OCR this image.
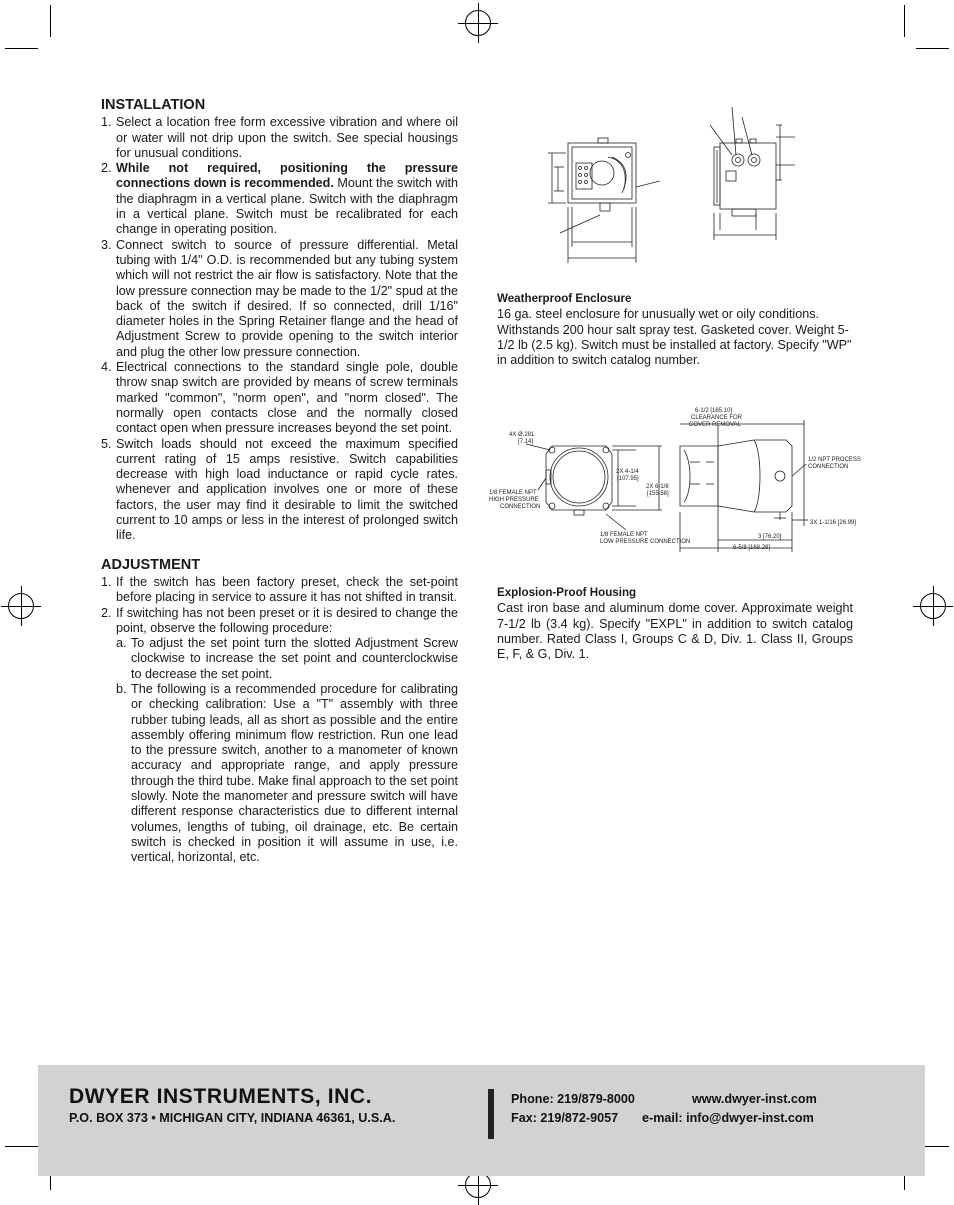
INSTALLATION
1. Select a location free form excessive vibration and where oil or water will not drip upon the switch. See special housings for unusual conditions.
2. While not required, positioning the pressure connections down is recommended. Mount the switch with the diaphragm in a vertical plane. Switch with the diaphragm in a vertical plane. Switch must be recalibrated for each change in operating position.
3. Connect switch to source of pressure differential. Metal tubing with 1/4" O.D. is recommended but any tubing system which will not restrict the air flow is satisfactory. Note that the low pressure connection may be made to the 1/2" spud at the back of the switch if desired. If so connected, drill 1/16" diameter holes in the Spring Retainer flange and the head of Adjustment Screw to provide opening to the switch interior and plug the other low pressure connection.
4. Electrical connections to the standard single pole, double throw snap switch are provided by means of screw terminals marked "common", "norm open", and "norm closed". The normally open contacts close and the normally closed contact open when pressure increases beyond the set point.
5. Switch loads should not exceed the maximum specified current rating of 15 amps resistive. Switch capabilities decrease with high load inductance or rapid cycle rates. whenever and application involves one or more of these factors, the user may find it desirable to limit the switched current to 10 amps or less in the interest of prolonged switch life.
ADJUSTMENT
1. If the switch has been factory preset, check the set-point before placing in service to assure it has not shifted in transit.
2. If switching has not been preset or it is desired to change the point, observe the following procedure:
a. To adjust the set point turn the slotted Adjustment Screw clockwise to increase the set point and counterclockwise to decrease the set point.
b. The following is a recommended procedure for calibrating or checking calibration: Use a "T" assembly with three rubber tubing leads, all as short as possible and the entire assembly offering minimum flow restriction. Run one lead to the pressure switch, another to a manometer of known accuracy and appropriate range, and apply pressure through the third tube. Make final approach to the set point slowly. Note the manometer and pressure switch will have different response characteristics due to different internal volumes, lengths of tubing, oil drainage, etc. Be certain switch is checked in position it will assume in use, i.e. vertical, horizontal, etc.
Weatherproof Enclosure
16 ga. steel enclosure for unusually wet or oily conditions. Withstands 200 hour salt spray test. Gasketed cover. Weight 5-1/2 lb (2.5 kg). Switch must be installed at factory. Specify "WP" in addition to switch catalog number.
4X Ø.281
[7.14]
1/8 FEMALE NPT
HIGH PRESSURE
CONNECTION
2X 4-1/4
[107.95]
2X 6-1/8
[155.58]
1/8 FEMALE NPT
LOW PRESSURE CONNECTION
6-1/2 [165.10]
CLEARANCE FOR
COVER REMOVAL
1/2 NPT PROCESS
CONNECTION
3X 1-1/16 [26.99]
3 [76.20]
6-5/8 [168.28]
Explosion-Proof Housing
Cast iron base and aluminum dome cover. Approximate weight 7-1/2 lb (3.4 kg). Specify "EXPL" in addition to switch catalog number. Rated Class I, Groups C & D, Div. 1. Class II, Groups E, F, & G, Div. 1.
DWYER INSTRUMENTS, INC.
P.O. BOX 373 • MICHIGAN CITY, INDIANA 46361, U.S.A.
Phone: 219/879-8000	www.dwyer-inst.com
Fax: 219/872-9057 e-mail: info@dwyer-inst.com
